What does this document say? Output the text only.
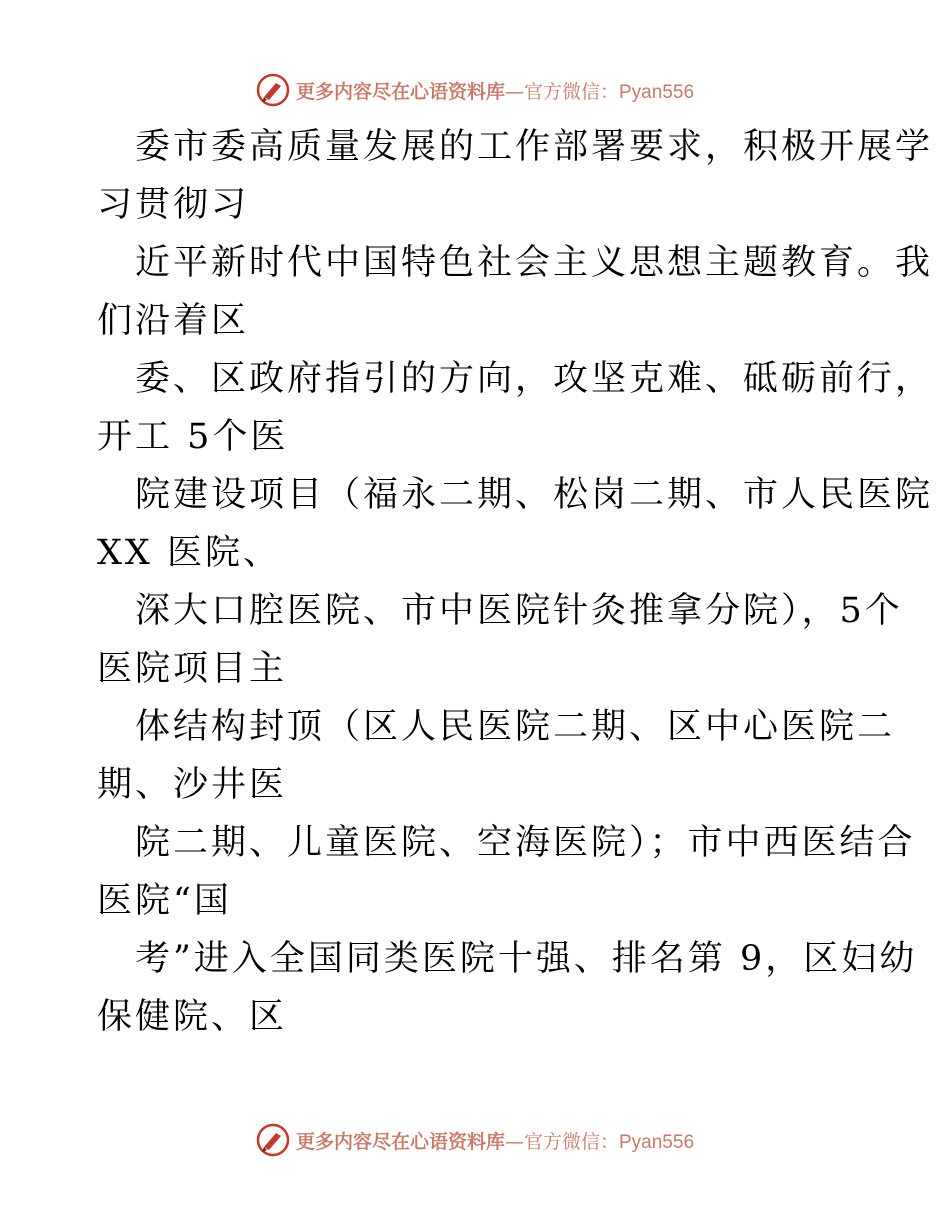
更多内容尽在心语资料库—官方微信：Pyan556
委市委高质量发展的工作部署要求，积极开展学
习贯彻习
近平新时代中国特色社会主义思想主题教育。我
们沿着区
委、区政府指引的方向，攻坚克难、砥砺前行，
开工 5个医
院建设项目（福永二期、松岗二期、市人民医院
XX 医院、
深大口腔医院、市中医院针灸推拿分院），5个
医院项目主
体结构封顶（区人民医院二期、区中心医院二
期、沙井医
院二期、儿童医院、空海医院）；市中西医结合
医院“国
考”进入全国同类医院十强、排名第 9，区妇幼
保健院、区
更多内容尽在心语资料库—官方微信：Pyan556
